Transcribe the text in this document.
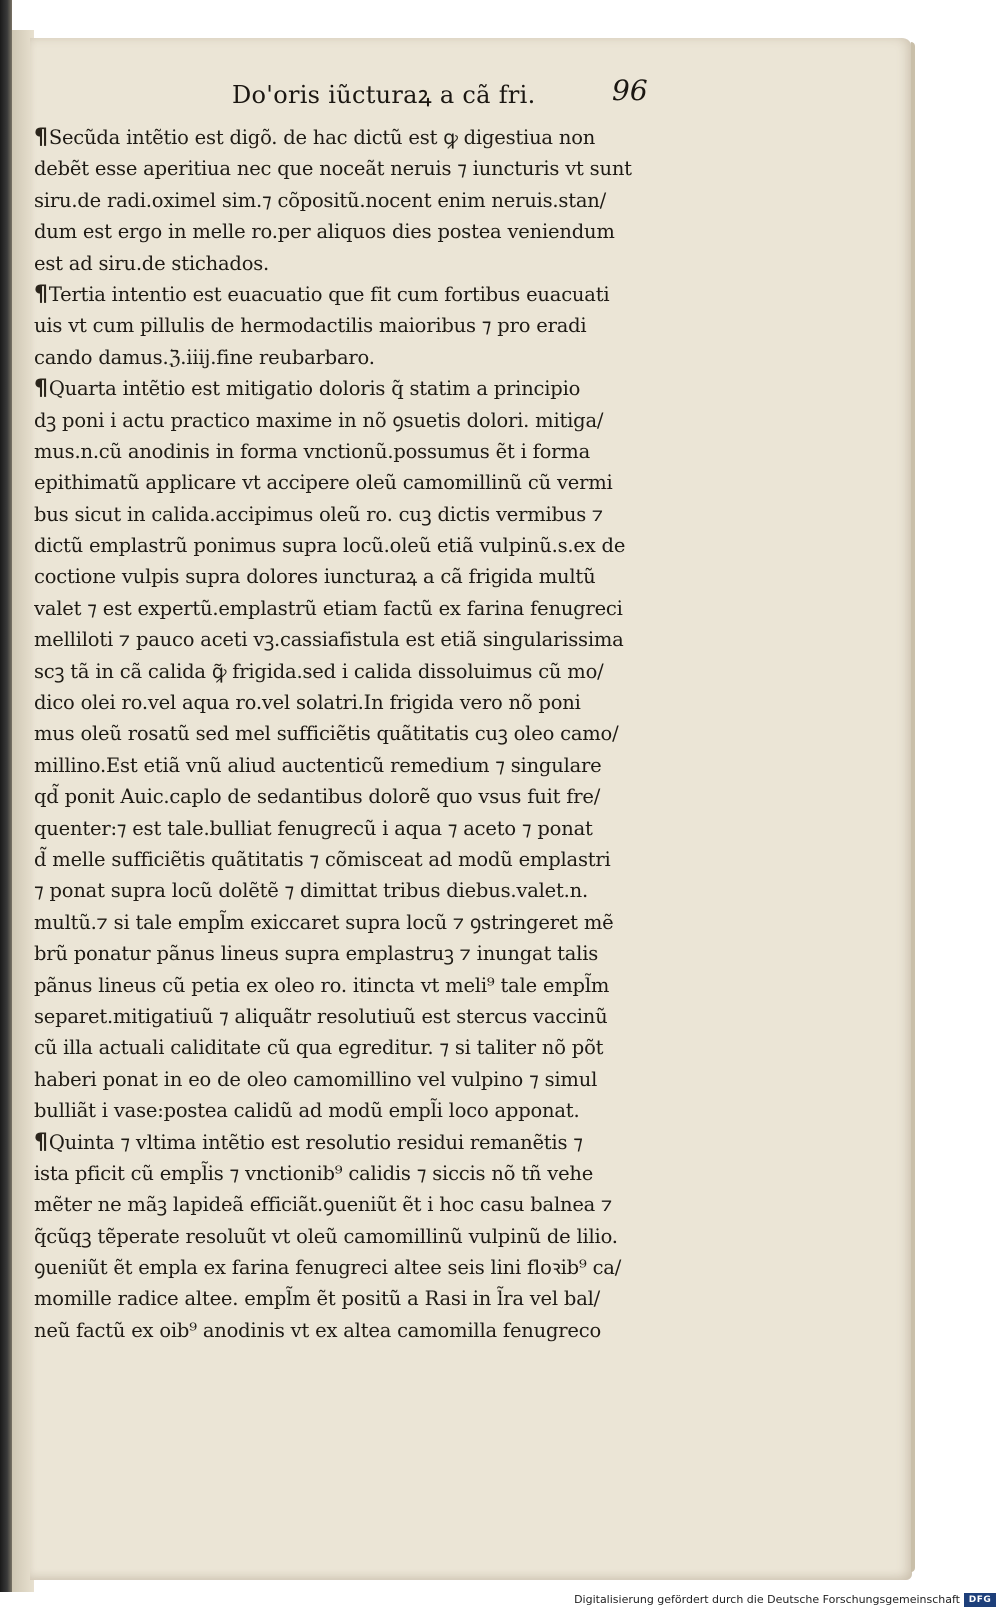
Do'oris iũcturaꝝ a cã fri.	96
¶Secũda intẽtio est digõ. de hac dictũ est ꝙ digestiua non
debẽt esse aperitiua nec que noceãt neruis ⁊ iuncturis vt sunt
siru.de radi.oximel sim.⁊ cõpositũ.nocent enim neruis.stan/
dum est ergo in melle ro.per aliquos dies postea veniendum
est ad siru.de stichados.
¶Tertia intentio est euacuatio que fit cum fortibus euacuati
uis vt cum pillulis de hermodactilis maioribus ⁊ pro eradi
cando damus.ℨ.iiij.fine reubarbaro.
¶Quarta intẽtio est mitigatio doloris q̃ statim a principio
dꝫ poni i actu practico maxime in nõ ꝯsuetis dolori. mitiga/
mus.n.cũ anodinis in forma vnctionũ.possumus ẽt i forma
epithimatũ applicare vt accipere oleũ camomillinũ cũ vermi
bus sicut in calida.accipimus oleũ ro. cuꝫ dictis vermibus ⁊
dictũ emplastrũ ponimus supra locũ.oleũ etiã vulpinũ.s.ex de
coctione vulpis supra dolores iuncturaꝝ a cã frigida multũ
valet ⁊ est expertũ.emplastrũ etiam factũ ex farina fenugreci
mellilοti ⁊ pauco aceti vꝫ.cassiafistula est etiã singularissima
scꝫ tã in cã calida ꝙ̃ frigida.sed i calida dissoluimus cũ mo/
dico olei ro.vel aqua ro.vel solatri.In frigida vero nõ poni
mus oleũ rosatũ sed mel sufficiẽtis quãtitatis cuꝫ oleo camo/
millino.Est etiã vnũ aliud auctenticũ remedium ⁊ singulare
qd̃ ponit Auic.caplo de sedantibus dolorẽ quo vsus fuit fre/
quenter:⁊ est tale.bulliat fenugrecũ i aqua ⁊ aceto ⁊ ponat
d̃ melle sufficiẽtis quãtitatis ⁊ cõmisceat ad modũ emplastri
⁊ ponat supra locũ dolẽtẽ ⁊ dimittat tribus diebus.valet.n.
multũ.⁊ si tale empl̃m exiccaret supra locũ ⁊ ꝯstringeret mẽ
brũ ponatur pãnus lineus supra emplastruꝫ ⁊ inungat talis
pãnus lineus cũ petia ex oleo ro. itincta vt meli⁹ tale empl̃m
separet.mitigatiuũ ⁊ aliquãtr resolutiuũ est stercus vaccinũ
cũ illa actuali caliditate cũ qua egreditur. ⁊ si taliter nõ põt
haberi ponat in eo de oleo camomillino vel vulpino ⁊ simul
bulliãt i vase:postea calidũ ad modũ empl̃i loco apponat.
¶Quinta ⁊ vltima intẽtio est resolutio residui remanẽtis ⁊
ista pficit cũ empl̃is ⁊ vnctionib⁹ calidis ⁊ siccis nõ tñ vehe
mẽter ne mãꝫ lapideã efficiãt.ꝯueniũt ẽt i hoc casu balnea ⁊
q̃cũqꝫ tẽperate resoluũt vt oleũ camomillinũ vulpinũ de lilio.
ꝯueniũt ẽt empla ex farina fenugreci altee seis lini floꝛib⁹ ca/
momille radice altee. empl̃m ẽt positũ a Rasi in l̃ra vel bal/
neũ factũ ex oib⁹ anodinis vt ex altea camomilla fenugreco
Digitalisierung gefördert durch die Deutsche Forschungsgemeinschaft DFG
